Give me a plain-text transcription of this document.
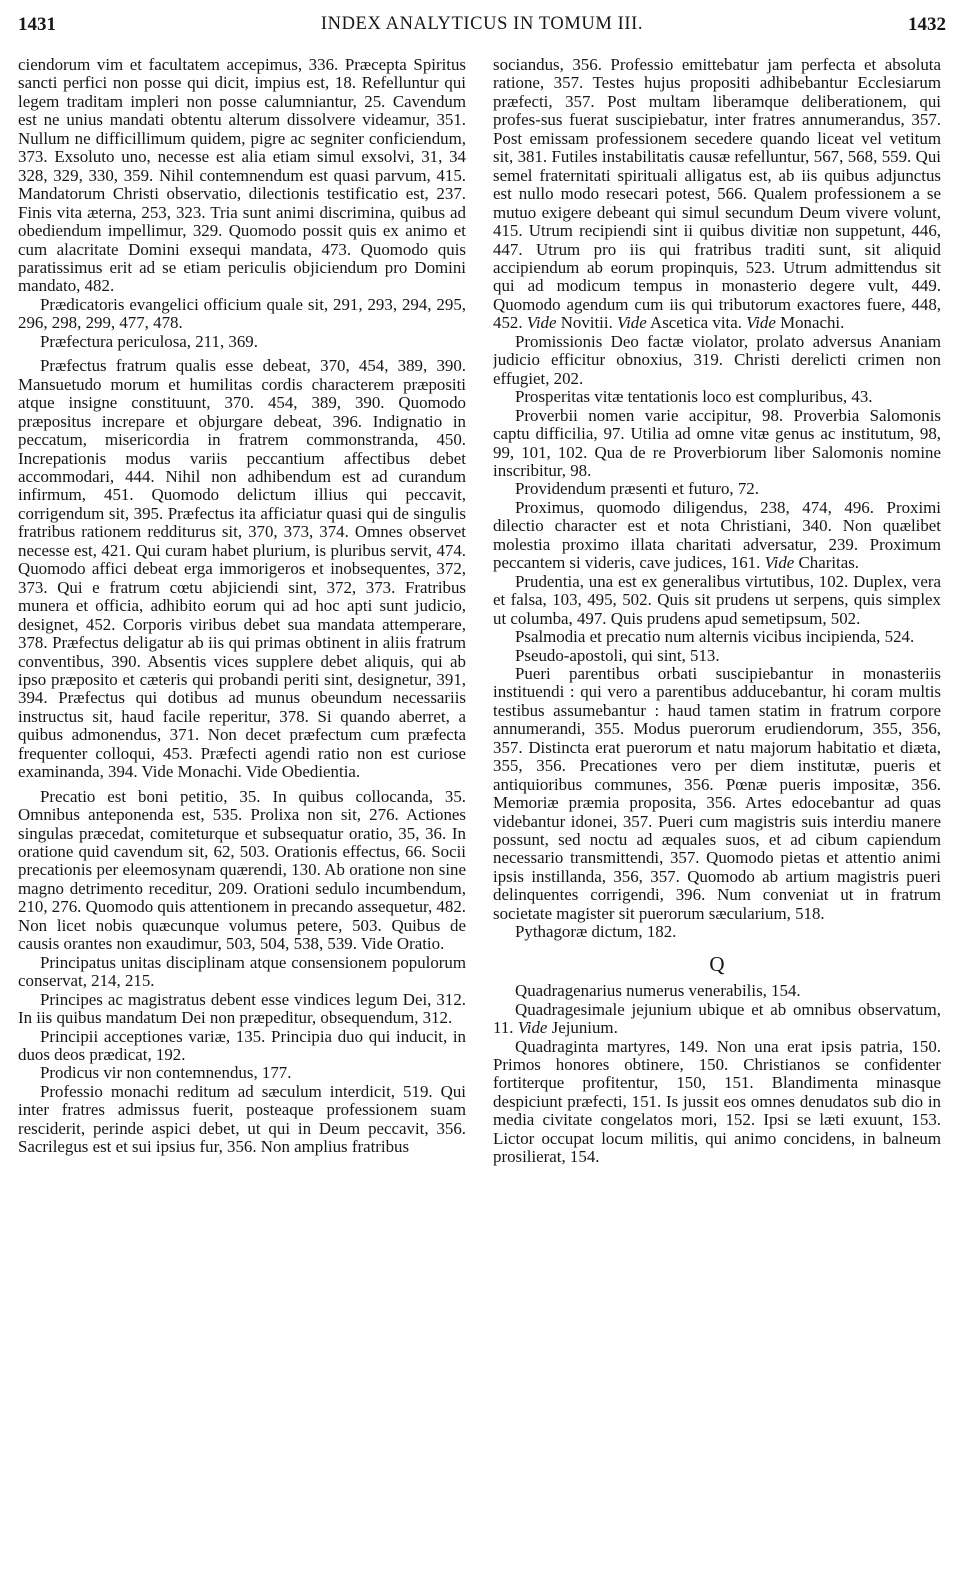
1431	INDEX ANALYTICUS IN TOMUM III.	1432

ciendorum vim et facultatem accepimus, 336. Præcepta Spiritus sancti perfici non posse qui dicit, impius est, 18. Refelluntur qui legem traditam impleri non posse calumniantur, 25. Cavendum est ne unius mandati obtentu alterum dissolvere videamur, 351. Nullum ne difficillimum quidem, pigre ac segniter conficiendum, 373. Exsoluto uno, necesse est alia etiam simul exsolvi, 31, 34 328, 329, 330, 359. Nihil contemnendum est quasi parvum, 415. Mandatorum Christi observatio, dilectionis testificatio est, 237. Finis vita æterna, 253, 323. Tria sunt animi discrimina, quibus ad obediendum impellimur, 329. Quomodo possit quis ex animo et cum alacritate Domini exsequi mandata, 473. Quomodo quis paratissimus erit ad se etiam periculis objiciendum pro Domini mandato, 482.

Prædicatoris evangelici officium quale sit, 291, 293, 294, 295, 296, 298, 299, 477, 478.

Præfectura periculosa, 211, 369.

Præfectus fratrum qualis esse debeat, 370, 454, 389, 390. Mansuetudo morum et humilitas cordis characterem præpositi atque insigne constituunt, 370. 454, 389, 390. Quomodo præpositus increpare et objurgare debeat, 396. Indignatio in peccatum, misericordia in fratrem commonstranda, 450. Increpationis modus variis peccantium affectibus debet accommodari, 444. Nihil non adhibendum est ad curandum infirmum, 451. Quomodo delictum illius qui peccavit, corrigendum sit, 395. Præfectus ita afficiatur quasi qui de singulis fratribus rationem redditurus sit, 370, 373, 374. Omnes observet necesse est, 421. Qui curam habet plurium, is pluribus servit, 474. Quomodo affici debeat erga immorigeros et inobsequentes, 372, 373. Qui e fratrum cœtu abjiciendi sint, 372, 373. Fratribus munera et officia, adhibito eorum qui ad hoc apti sunt judicio, designet, 452. Corporis viribus debet sua mandata attemperare, 378. Præfectus deligatur ab iis qui primas obtinent in aliis fratrum conventibus, 390. Absentis vices supplere debet aliquis, qui ab ipso præposito et cæteris qui probandi periti sint, designetur, 391, 394. Præfectus qui dotibus ad munus obeundum necessariis instructus sit, haud facile reperitur, 378. Si quando aberret, a quibus admonendus, 371. Non decet præfectum cum præfecta frequenter colloqui, 453. Præfecti agendi ratio non est curiose examinanda, 394. Vide Monachi. Vide Obedientia.

Precatio est boni petitio, 35. In quibus collocanda, 35. Omnibus anteponenda est, 535. Prolixa non sit, 276. Actiones singulas præcedat, comiteturque et subsequatur oratio, 35, 36. In oratione quid cavendum sit, 62, 503. Orationis effectus, 66. Socii precationis per eleemosynam quærendi, 130. Ab oratione non sine magno detrimento receditur, 209. Orationi sedulo incumbendum, 210, 276. Quomodo quis attentionem in precando assequetur, 482. Non licet nobis quæcunque volumus petere, 503. Quibus de causis orantes non exaudimur, 503, 504, 538, 539. Vide Oratio.

Principatus unitas disciplinam atque consensionem populorum conservat, 214, 215.

Principes ac magistratus debent esse vindices legum Dei, 312. In iis quibus mandatum Dei non præpeditur, obsequendum, 312.

Principii acceptiones variæ, 135. Principia duo qui inducit, in duos deos prædicat, 192.

Prodicus vir non contemnendus, 177.

Professio monachi reditum ad sæculum interdicit, 519. Qui inter fratres admissus fuerit, posteaque professionem suam resciderit, perinde aspici debet, ut qui in Deum peccavit, 356. Sacrilegus est et sui ipsius fur, 356. Non amplius fratribus

sociandus, 356. Professio emittebatur jam perfecta et absoluta ratione, 357. Testes hujus propositi adhibebantur Ecclesiarum præfecti, 357. Post multam liberamque deliberationem, qui profes-sus fuerat suscipiebatur, inter fratres annumerandus, 357. Post emissam professionem secedere quando liceat vel vetitum sit, 381. Futiles instabilitatis causæ refelluntur, 567, 568, 559. Qui semel fraternitati spirituali alligatus est, ab iis quibus adjunctus est nullo modo resecari potest, 566. Qualem professionem a se mutuo exigere debeant qui simul secundum Deum vivere volunt, 415. Utrum recipiendi sint ii quibus divitiæ non suppetunt, 446, 447. Utrum pro iis qui fratribus traditi sunt, sit aliquid accipiendum ab eorum propinquis, 523. Utrum admittendus sit qui ad modicum tempus in monasterio degere vult, 449. Quomodo agendum cum iis qui tributorum exactores fuere, 448, 452. Vide Novitii. Vide Ascetica vita. Vide Monachi.

Promissionis Deo factæ violator, prolato adversus Ananiam judicio efficitur obnoxius, 319. Christi derelicti crimen non effugiet, 202.

Prosperitas vitæ tentationis loco est compluribus, 43.

Proverbii nomen varie accipitur, 98. Proverbia Salomonis captu difficilia, 97. Utilia ad omne vitæ genus ac institutum, 98, 99, 101, 102. Qua de re Proverbiorum liber Salomonis nomine inscribitur, 98.

Providendum præsenti et futuro, 72.

Proximus, quomodo diligendus, 238, 474, 496. Proximi dilectio character est et nota Christiani, 340. Non quælibet molestia proximo illata charitati adversatur, 239. Proximum peccantem si videris, cave judices, 161. Vide Charitas.

Prudentia, una est ex generalibus virtutibus, 102. Duplex, vera et falsa, 103, 495, 502. Quis sit prudens ut serpens, quis simplex ut columba, 497. Quis prudens apud semetipsum, 502.

Psalmodia et precatio num alternis vicibus incipienda, 524.

Pseudo-apostoli, qui sint, 513.

Pueri parentibus orbati suscipiebantur in monasteriis instituendi : qui vero a parentibus adducebantur, hi coram multis testibus assumebantur : haud tamen statim in fratrum corpore annumerandi, 355. Modus puerorum erudiendorum, 355, 356, 357. Distincta erat puerorum et natu majorum habitatio et diæta, 355, 356. Precationes vero per diem institutæ, pueris et antiquioribus communes, 356. Pœnæ pueris impositæ, 356. Memoriæ præmia proposita, 356. Artes edocebantur ad quas videbantur idonei, 357. Pueri cum magistris suis interdiu manere possunt, sed noctu ad æquales suos, et ad cibum capiendum necessario transmittendi, 357. Quomodo pietas et attentio animi ipsis instillanda, 356, 357. Quomodo ab artium magistris pueri delinquentes corrigendi, 396. Num conveniat ut in fratrum societate magister sit puerorum sæcularium, 518.

Pythagoræ dictum, 182.

Q

Quadragenarius numerus venerabilis, 154.

Quadragesimale jejunium ubique et ab omnibus observatum, 11. Vide Jejunium.

Quadraginta martyres, 149. Non una erat ipsis patria, 150. Primos honores obtinere, 150. Christianos se confidenter fortiterque profitentur, 150, 151. Blandimenta minasque despiciunt præfecti, 151. Is jussit eos omnes denudatos sub dio in media civitate congelatos mori, 152. Ipsi se læti exuunt, 153. Lictor occupat locum militis, qui animo concidens, in balneum prosilierat, 154.
